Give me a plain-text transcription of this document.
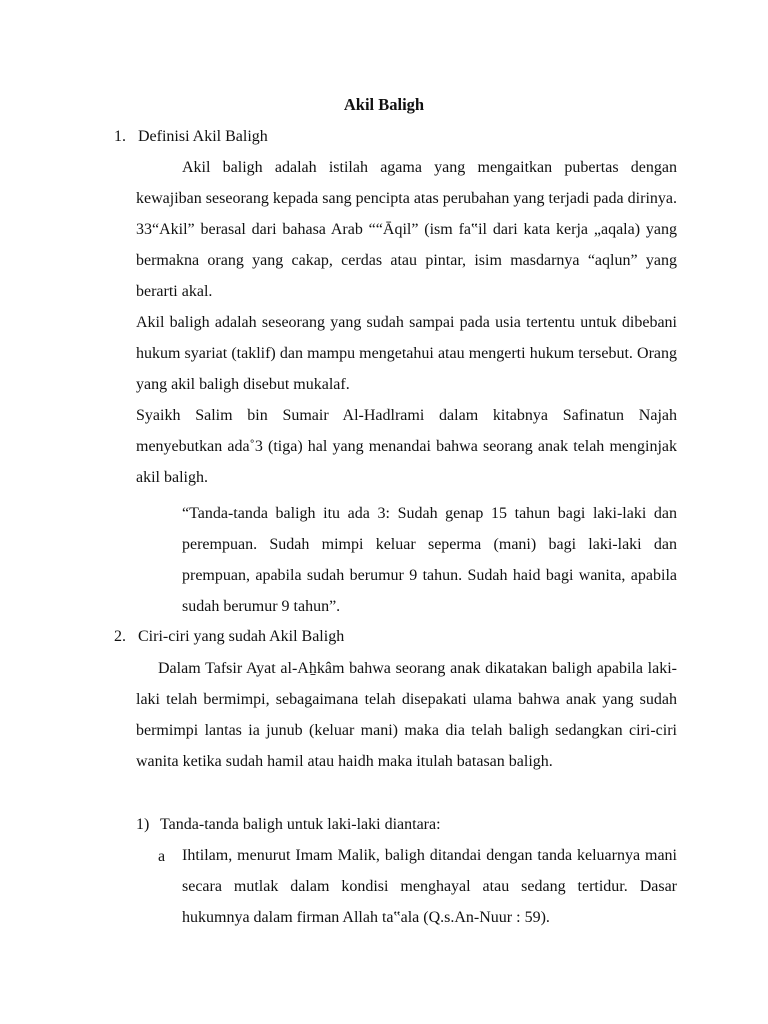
Akil Baligh
1. Definisi Akil Baligh

Akil baligh adalah istilah agama yang mengaitkan pubertas dengan kewajiban seseorang kepada sang pencipta atas perubahan yang terjadi pada dirinya. 33“Akil” berasal dari bahasa Arab ““Ᾱqil” (ism fa‟il dari kata kerja „aqala) yang bermakna orang yang cakap, cerdas atau pintar, isim masdarnya “aqlun” yang berarti akal.

Akil baligh adalah seseorang yang sudah sampai pada usia tertentu untuk dibebani hukum syariat (taklif) dan mampu mengetahui atau mengerti hukum tersebut. Orang yang akil baligh disebut mukalaf.

Syaikh Salim bin Sumair Al-Hadlrami dalam kitabnya Safinatun Najah menyebutkan ada˚3 (tiga) hal yang menandai bahwa seorang anak telah menginjak akil baligh.

“Tanda-tanda baligh itu ada 3: Sudah genap 15 tahun bagi laki-laki dan perempuan. Sudah mimpi keluar seperma (mani) bagi laki-laki dan prempuan, apabila sudah berumur 9 tahun. Sudah haid bagi wanita, apabila sudah berumur 9 tahun”.
2. Ciri-ciri yang sudah Akil Baligh

Dalam Tafsir Ayat al-Aẖkâm bahwa seorang anak dikatakan baligh apabila laki-laki telah bermimpi, sebagaimana telah disepakati ulama bahwa anak yang sudah bermimpi lantas ia junub (keluar mani) maka dia telah baligh sedangkan ciri-ciri wanita ketika sudah hamil atau haidh maka itulah batasan baligh.

1) Tanda-tanda baligh untuk laki-laki diantara:
a Ihtilam, menurut Imam Malik, baligh ditandai dengan tanda keluarnya mani secara mutlak dalam kondisi menghayal atau sedang tertidur. Dasar hukumnya dalam firman Allah ta‟ala (Q.s.An-Nuur : 59).
